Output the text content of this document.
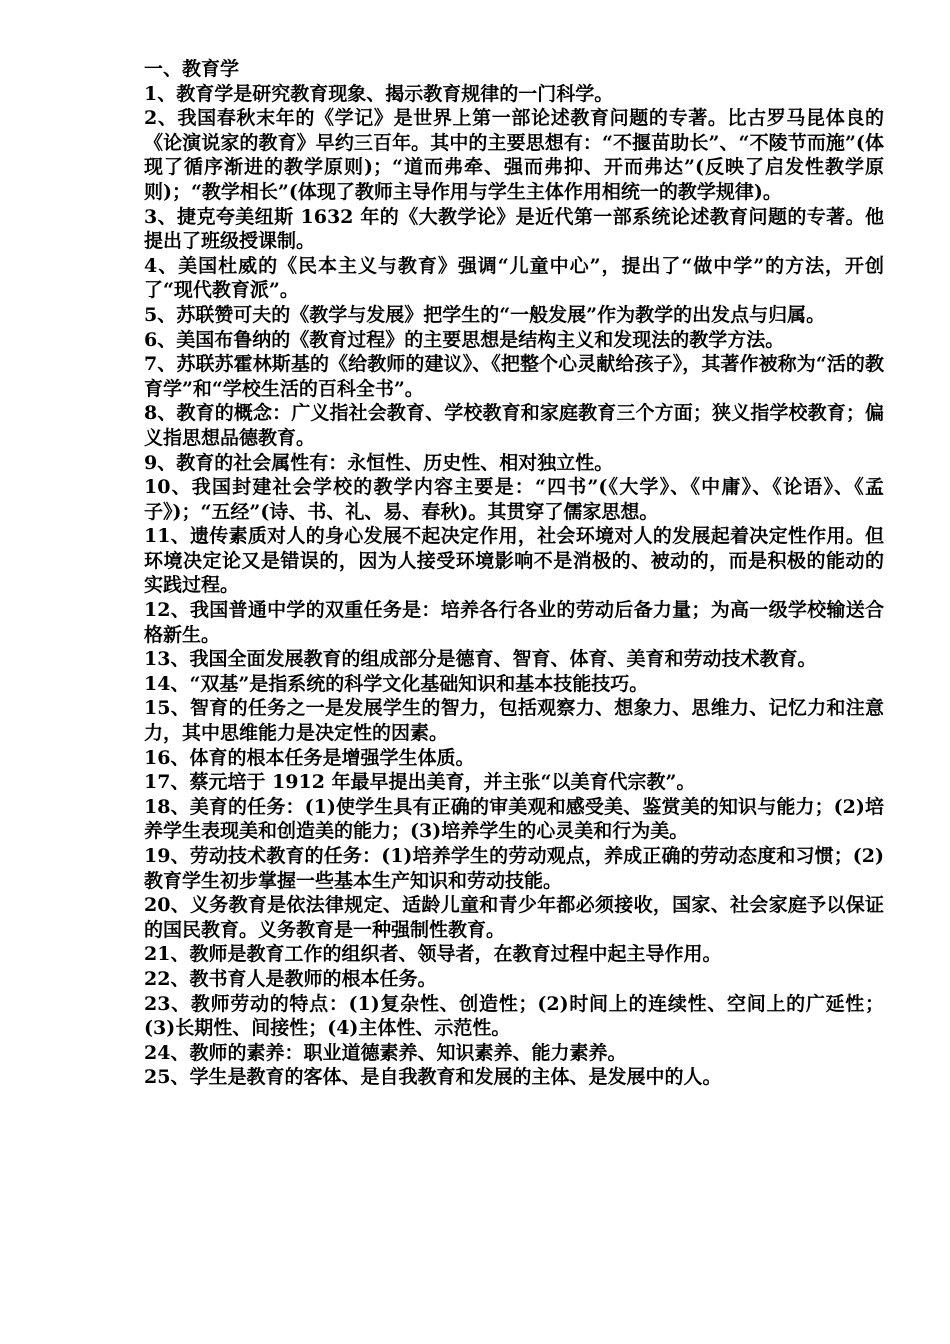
一、教育学

1、教育学是研究教育现象、揭示教育规律的一门科学。

2、我国春秋末年的《学记》是世界上第一部论述教育问题的专著。比古罗马昆体良的《论演说家的教育》早约三百年。其中的主要思想有：“不揠苗助长”、“不陵节而施”(体现了循序渐进的教学原则)；“道而弗牵、强而弗抑、开而弗达”(反映了启发性教学原则)；“教学相长”(体现了教师主导作用与学生主体作用相统一的教学规律)。

3、捷克夸美纽斯 1632 年的《大教学论》是近代第一部系统论述教育问题的专著。他提出了班级授课制。

4、美国杜威的《民本主义与教育》强调“儿童中心”，提出了“做中学”的方法，开创了“现代教育派”。

5、苏联赞可夫的《教学与发展》把学生的“一般发展”作为教学的出发点与归属。

6、美国布鲁纳的《教育过程》的主要思想是结构主义和发现法的教学方法。

7、苏联苏霍林斯基的《给教师的建议》、《把整个心灵献给孩子》，其著作被称为“活的教育学”和“学校生活的百科全书”。

8、教育的概念：广义指社会教育、学校教育和家庭教育三个方面；狭义指学校教育；偏义指思想品德教育。

9、教育的社会属性有：永恒性、历史性、相对独立性。

10、我国封建社会学校的教学内容主要是：“四书”(《大学》、《中庸》、《论语》、《孟子》)；“五经”(诗、书、礼、易、春秋)。其贯穿了儒家思想。

11、遗传素质对人的身心发展不起决定作用，社会环境对人的发展起着决定性作用。但环境决定论又是错误的，因为人接受环境影响不是消极的、被动的，而是积极的能动的实践过程。

12、我国普通中学的双重任务是：培养各行各业的劳动后备力量；为高一级学校输送合格新生。

13、我国全面发展教育的组成部分是德育、智育、体育、美育和劳动技术教育。

14、“双基”是指系统的科学文化基础知识和基本技能技巧。

15、智育的任务之一是发展学生的智力，包括观察力、想象力、思维力、记忆力和注意力，其中思维能力是决定性的因素。

16、体育的根本任务是增强学生体质。

17、蔡元培于 1912 年最早提出美育，并主张“以美育代宗教”。

18、美育的任务：(1)使学生具有正确的审美观和感受美、鉴赏美的知识与能力；(2)培养学生表现美和创造美的能力；(3)培养学生的心灵美和行为美。

19、劳动技术教育的任务：(1)培养学生的劳动观点，养成正确的劳动态度和习惯；(2)教育学生初步掌握一些基本生产知识和劳动技能。

20、义务教育是依法律规定、适龄儿童和青少年都必须接收，国家、社会家庭予以保证的国民教育。义务教育是一种强制性教育。

21、教师是教育工作的组织者、领导者，在教育过程中起主导作用。

22、教书育人是教师的根本任务。

23、教师劳动的特点：(1)复杂性、创造性；(2)时间上的连续性、空间上的广延性；(3)长期性、间接性；(4)主体性、示范性。

24、教师的素养：职业道德素养、知识素养、能力素养。

25、学生是教育的客体、是自我教育和发展的主体、是发展中的人。
